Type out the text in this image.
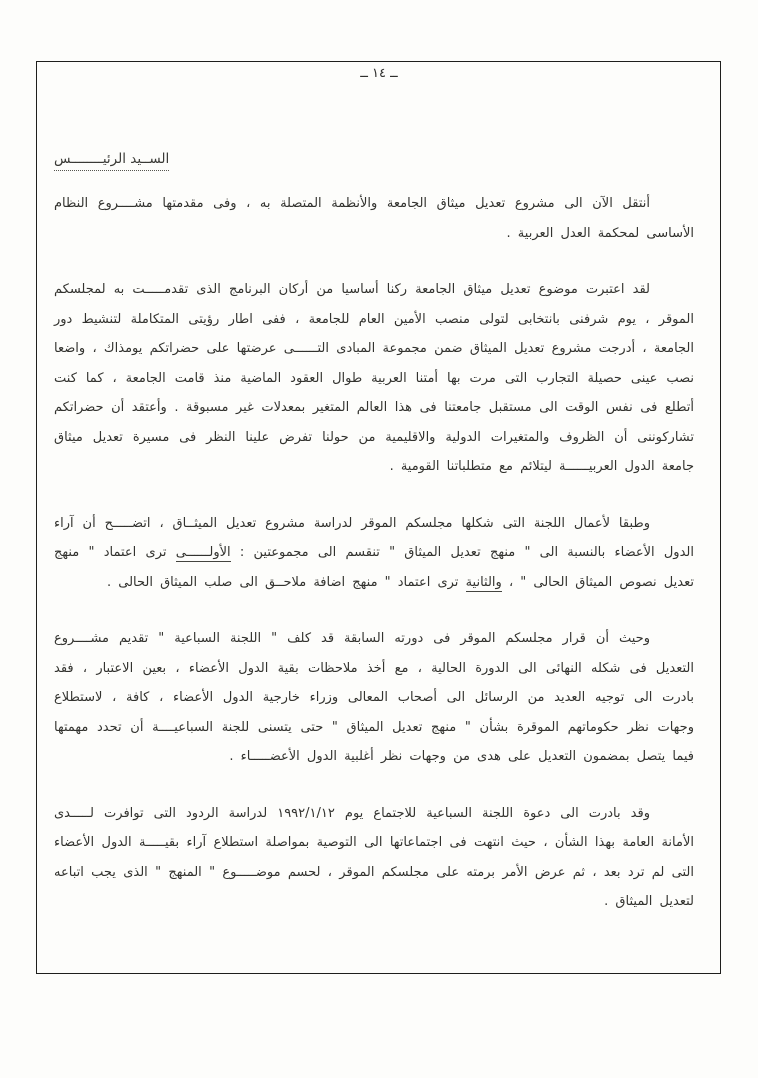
ــ ١٤ ــ
الســيد الرئيــــــــس

أنتقل الآن الى مشروع تعديل ميثاق الجامعة والأنظمة المتصلة به ، وفى مقدمتها مشــــروع النظام الأساسى لمحكمة العدل العربية .

لقد اعتبرت موضوع تعديل ميثاق الجامعة ركنا أساسيا من أركان البرنامج الذى تقدمـــــت به لمجلسكم الموقر ، يوم شرفنى بانتخابى لتولى منصب الأمين العام للجامعة ، ففى اطار رؤيتى المتكاملة لتنشيط دور الجامعة ، أدرجت مشروع تعديل الميثاق ضمن مجموعة المبادى التــــــى عرضتها على حضراتكم يومذاك ، واضعا نصب عينى حصيلة التجارب التى مرت بها أمتنا العربية طوال العقود الماضية منذ قامت الجامعة ، كما كنت أتطلع فى نفس الوقت الى مستقبل جامعتنا فى هذا العالم المتغير بمعدلات غير مسبوقة . وأعتقد أن حضراتكم تشاركوننى أن الظروف والمتغيرات الدولية والاقليمية من حولنا تفرض علينا النظر فى مسيرة تعديل ميثاق جامعة الدول العربيــــــة ليتلائم مع متطلباتنا القومية .

وطبقا لأعمال اللجنة التى شكلها مجلسكم الموقر لدراسة مشروع تعديل الميثــاق ، اتضـــــح أن آراء الدول الأعضاء بالنسبة الى " منهج تعديل الميثاق " تنقسم الى مجموعتين : الأولــــــى ترى اعتماد " منهج تعديل نصوص الميثاق الحالى " ، والثانية ترى اعتماد " منهج اضافة ملاحــق الى صلب الميثاق الحالى .

وحيث أن قرار مجلسكم الموقر فى دورته السابقة قد كلف " اللجنة السباعية " تقديم مشــــروع التعديل فى شكله النهائى الى الدورة الحالية ، مع أخذ ملاحظات بقية الدول الأعضاء ، بعين الاعتبار ، فقد بادرت الى توجيه العديد من الرسائل الى أصحاب المعالى وزراء خارجية الدول الأعضاء ، كافة ، لاستطلاع وجهات نظر حكوماتهم الموقرة بشأن " منهج تعديل الميثاق " حتى يتسنى للجنة السباعيــــة أن تحدد مهمتها فيما يتصل بمضمون التعديل على هدى من وجهات نظر أغلبية الدول الأعضـــــاء .

وقد بادرت الى دعوة اللجنة السباعية للاجتماع يوم ١٩٩٢/١/١٢ لدراسة الردود التى توافرت لـــــدى الأمانة العامة بهذا الشأن ، حيث انتهت فى اجتماعاتها الى التوصية بمواصلة استطلاع آراء بقيـــــة الدول الأعضاء التى لم ترد بعد ، ثم عرض الأمر برمته على مجلسكم الموقر ، لحسم موضـــــوع " المنهج " الذى يجب اتباعه لتعديل الميثاق .
